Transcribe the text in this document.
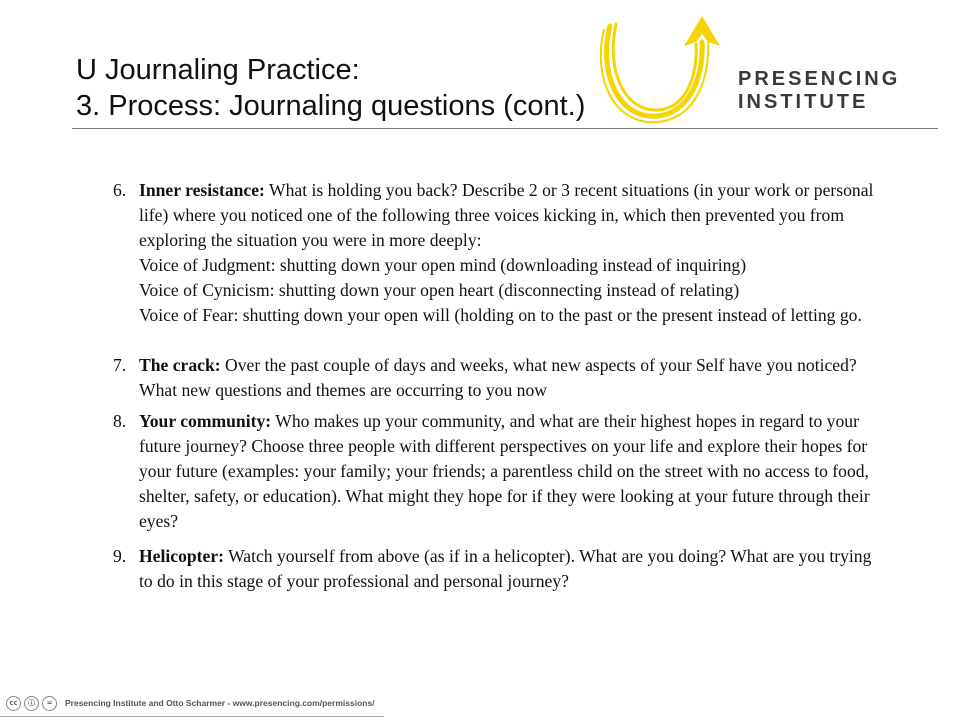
U Journaling Practice:
3. Process: Journaling questions (cont.)
PRESENCING
INSTITUTE
6. Inner resistance: What is holding you back? Describe 2 or 3 recent situations (in your work or personal life) where you noticed one of the following three voices kicking in, which then prevented you from exploring the situation you were in more deeply:
Voice of Judgment: shutting down your open mind (downloading instead of inquiring)
Voice of Cynicism: shutting down your open heart (disconnecting instead of relating)
Voice of Fear: shutting down your open will (holding on to the past or the present instead of letting go.
7. The crack: Over the past couple of days and weeks, what new aspects of your Self have you noticed? What new questions and themes are occurring to you now
8. Your community: Who makes up your community, and what are their highest hopes in regard to your future journey? Choose three people with different perspectives on your life and explore their hopes for your future (examples: your family; your friends; a parentless child on the street with no access to food, shelter, safety, or education). What might they hope for if they were looking at your future through their eyes?
9. Helicopter: Watch yourself from above (as if in a helicopter). What are you doing? What are you trying to do in this stage of your professional and personal journey?
cc	ⓘ	=	Presencing Institute and Otto Scharmer - www.presencing.com/permissions/
